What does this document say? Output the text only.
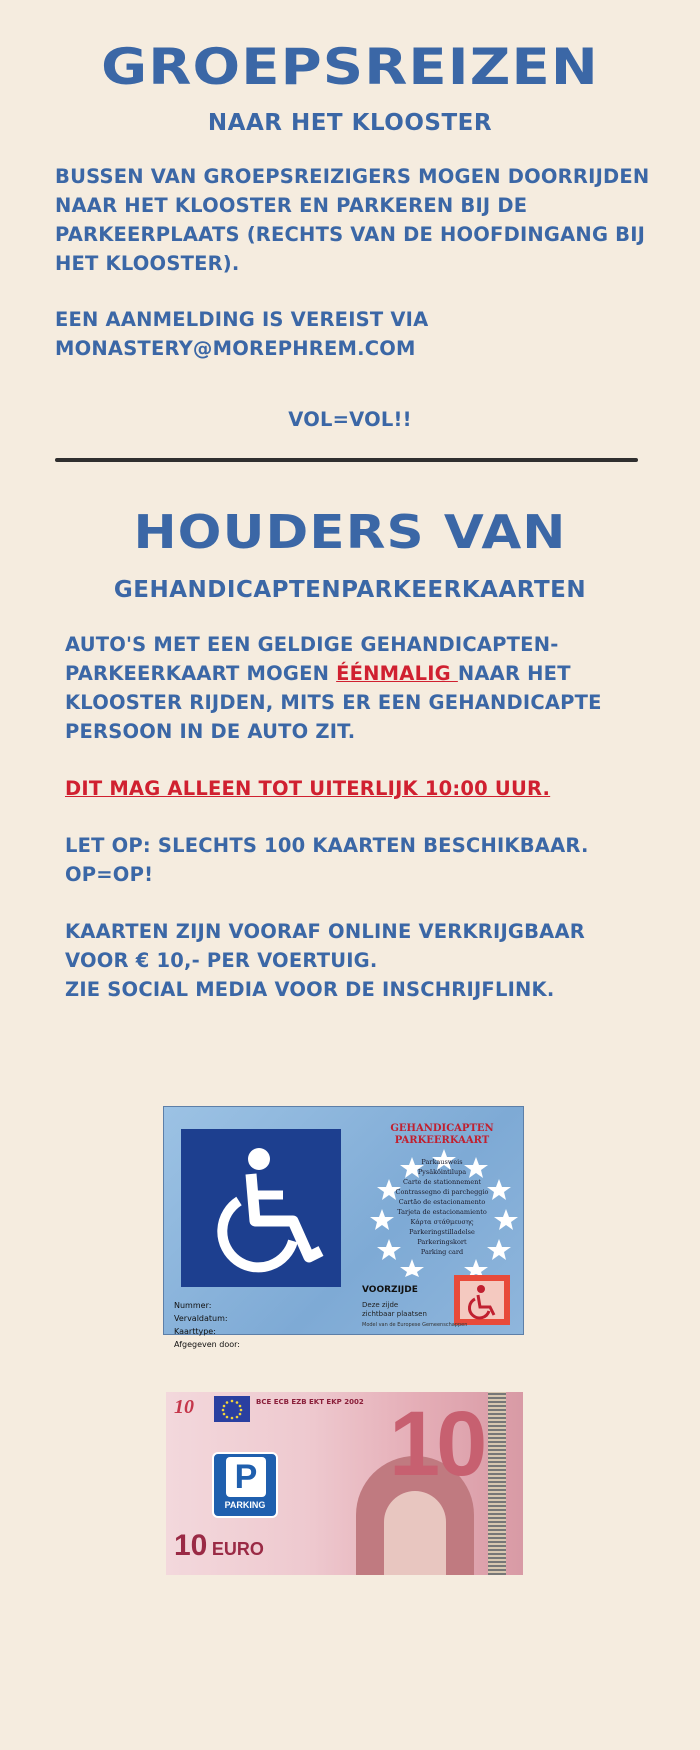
GROEPSREIZEN
NAAR HET KLOOSTER
BUSSEN VAN GROEPSREIZIGERS MOGEN DOORRIJDEN
NAAR HET KLOOSTER EN PARKEREN BIJ DE
PARKEERPLAATS (RECHTS VAN DE HOOFDINGANG BIJ
HET KLOOSTER).
EEN AANMELDING IS VEREIST VIA
MONASTERY@MOREPHREM.COM
VOL=VOL!!
HOUDERS VAN
GEHANDICAPTENPARKEERKAARTEN
AUTO'S MET EEN GELDIGE GEHANDICAPTEN-
PARKEERKAART MOGEN ÉÉNMALIG NAAR HET
KLOOSTER RIJDEN, MITS ER EEN GEHANDICAPTE
PERSOON IN DE AUTO ZIT.
DIT MAG ALLEEN TOT UITERLIJK 10:00 UUR.
LET OP: SLECHTS 100 KAARTEN BESCHIKBAAR.
OP=OP!
KAARTEN ZIJN VOORAF ONLINE VERKRIJGBAAR
VOOR € 10,- PER VOERTUIG.
ZIE SOCIAL MEDIA VOOR DE INSCHRIJFLINK.
GEHANDICAPTEN
PARKEERKAART
Parkausweis
Pysäköintilupa
Carte de stationnement
Contrassegno di parcheggio
Cartão de estacionamento
Tarjeta de estacionamiento
Κάρτα στάθμευσης
Parkeringstilladelse
Parkeringskort
Parking card
VOORZIJDE
Deze zijde
zichtbaar plaatsen
Nummer:
Vervaldatum:
Kaarttype:
Afgegeven door:
Model van de Europese Gemeenschappen
10	BCE ECB EZB EKT EKP 2002 10
P
PARKING
10 EURO
